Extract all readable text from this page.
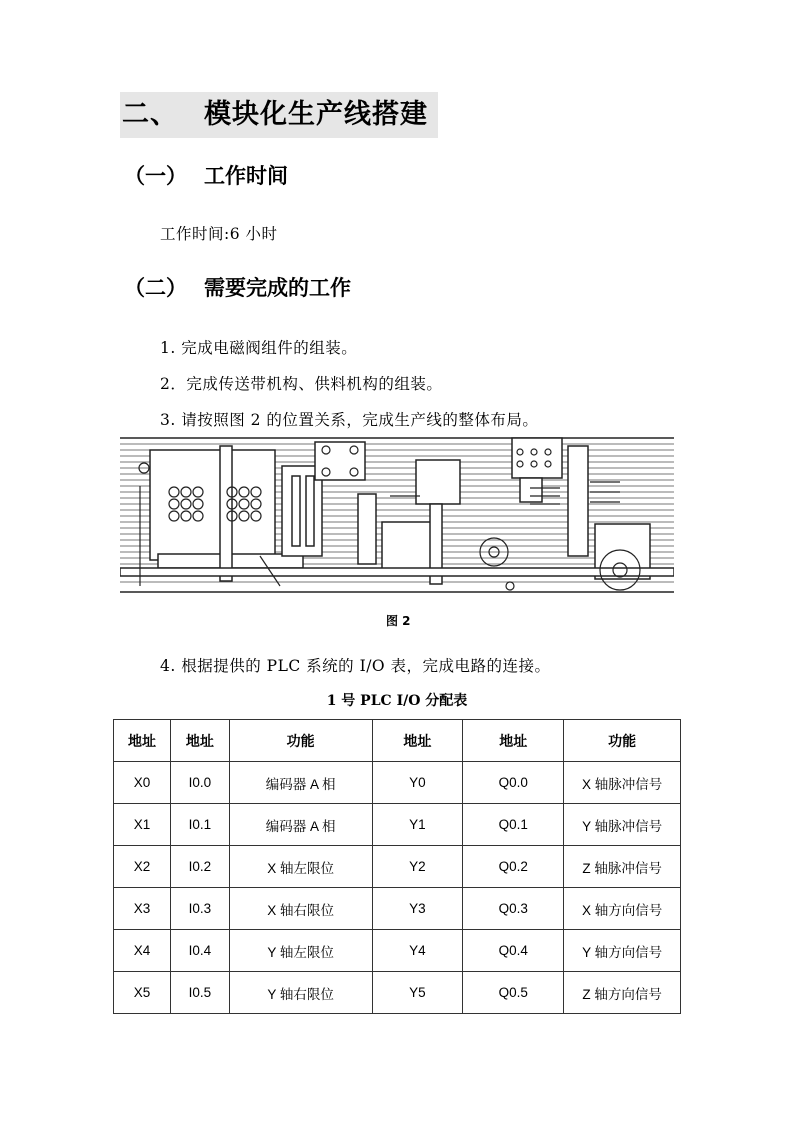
二、 模块化生产线搭建
（一） 工作时间
工作时间:6 小时
（二） 需要完成的工作
1. 完成电磁阀组件的组装。
2．完成传送带机构、供料机构的组装。
3. 请按照图 2 的位置关系，完成生产线的整体布局。
图 2
4. 根据提供的 PLC 系统的 I/O 表，完成电路的连接。
1 号 PLC I/O 分配表
地址	地址	功能	地址	地址	功能
X0	I0.0	编码器 A 相	Y0	Q0.0	X 轴脉冲信号
X1	I0.1	编码器 A 相	Y1	Q0.1	Y 轴脉冲信号
X2	I0.2	X 轴左限位	Y2	Q0.2	Z 轴脉冲信号
X3	I0.3	X 轴右限位	Y3	Q0.3	X 轴方向信号
X4	I0.4	Y 轴左限位	Y4	Q0.4	Y 轴方向信号
X5	I0.5	Y 轴右限位	Y5	Q0.5	Z 轴方向信号
